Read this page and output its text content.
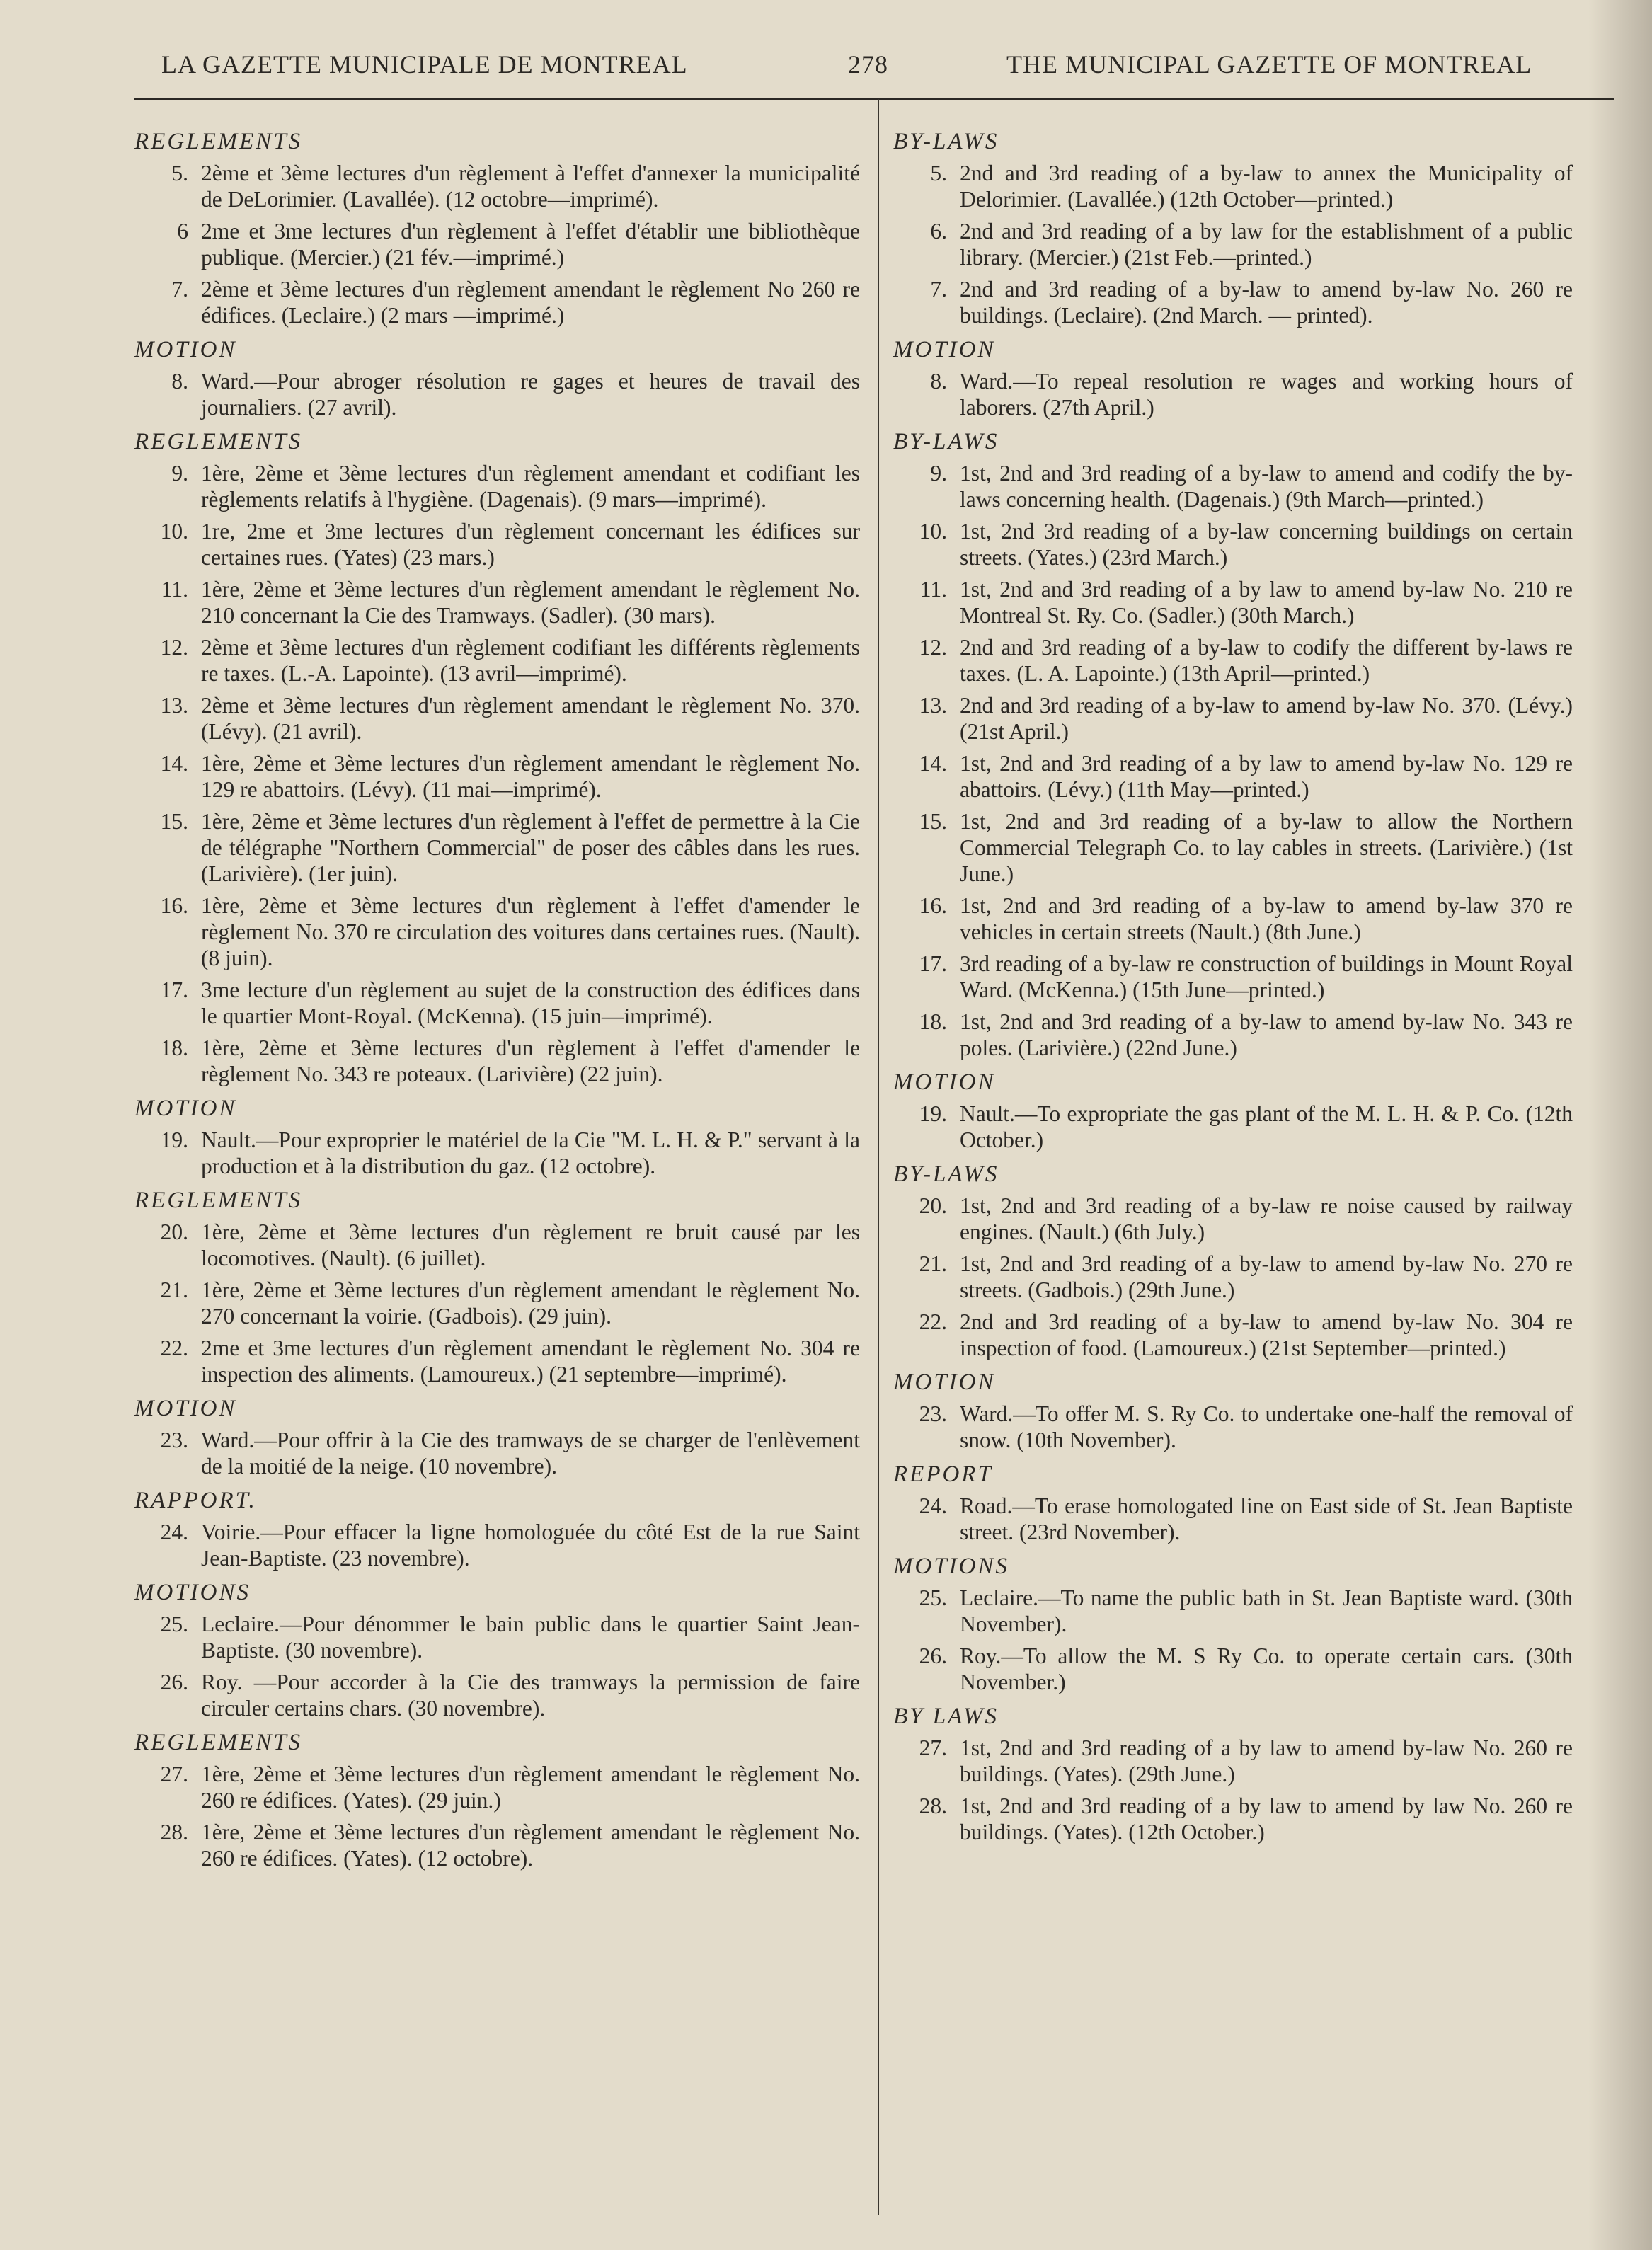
LA GAZETTE MUNICIPALE DE MONTREAL	278	THE MUNICIPAL GAZETTE OF MONTREAL
REGLEMENTS
5. 2ème et 3ème lectures d'un règlement à l'effet d'annexer la municipalité de DeLorimier. (Lavallée). (12 octobre—imprimé).
6 2me et 3me lectures d'un règlement à l'effet d'établir une bibliothèque publique. (Mercier.) (21 fév.—imprimé.)
7. 2ème et 3ème lectures d'un règlement amendant le règlement No 260 re édifices. (Leclaire.) (2 mars —imprimé.)
MOTION
8. Ward.—Pour abroger résolution re gages et heures de travail des journaliers. (27 avril).
REGLEMENTS
9. 1ère, 2ème et 3ème lectures d'un règlement amendant et codifiant les règlements relatifs à l'hygiène. (Dagenais). (9 mars—imprimé).
10. 1re, 2me et 3me lectures d'un règlement concernant les édifices sur certaines rues. (Yates) (23 mars.)
11. 1ère, 2ème et 3ème lectures d'un règlement amendant le règlement No. 210 concernant la Cie des Tramways. (Sadler). (30 mars).
12. 2ème et 3ème lectures d'un règlement codifiant les différents règlements re taxes. (L.-A. Lapointe). (13 avril—imprimé).
13. 2ème et 3ème lectures d'un règlement amendant le règlement No. 370. (Lévy). (21 avril).
14. 1ère, 2ème et 3ème lectures d'un règlement amendant le règlement No. 129 re abattoirs. (Lévy). (11 mai—imprimé).
15. 1ère, 2ème et 3ème lectures d'un règlement à l'effet de permettre à la Cie de télégraphe "Northern Commercial" de poser des câbles dans les rues. (Larivière). (1er juin).
16. 1ère, 2ème et 3ème lectures d'un règlement à l'effet d'amender le règlement No. 370 re circulation des voitures dans certaines rues. (Nault). (8 juin).
17. 3me lecture d'un règlement au sujet de la construction des édifices dans le quartier Mont-Royal. (McKenna). (15 juin—imprimé).
18. 1ère, 2ème et 3ème lectures d'un règlement à l'effet d'amender le règlement No. 343 re poteaux. (Larivière) (22 juin).
MOTION
19. Nault.—Pour exproprier le matériel de la Cie "M. L. H. & P." servant à la production et à la distribution du gaz. (12 octobre).
REGLEMENTS
20. 1ère, 2ème et 3ème lectures d'un règlement re bruit causé par les locomotives. (Nault). (6 juillet).
21. 1ère, 2ème et 3ème lectures d'un règlement amendant le règlement No. 270 concernant la voirie. (Gadbois). (29 juin).
22. 2me et 3me lectures d'un règlement amendant le règlement No. 304 re inspection des aliments. (Lamoureux.) (21 septembre—imprimé).
MOTION
23. Ward.—Pour offrir à la Cie des tramways de se charger de l'enlèvement de la moitié de la neige. (10 novembre).
RAPPORT.
24. Voirie.—Pour effacer la ligne homologuée du côté Est de la rue Saint Jean-Baptiste. (23 novembre).
MOTIONS
25. Leclaire.—Pour dénommer le bain public dans le quartier Saint Jean-Baptiste. (30 novembre).
26. Roy. —Pour accorder à la Cie des tramways la permission de faire circuler certains chars. (30 novembre).
REGLEMENTS
27. 1ère, 2ème et 3ème lectures d'un règlement amendant le règlement No. 260 re édifices. (Yates). (29 juin.)
28. 1ère, 2ème et 3ème lectures d'un règlement amendant le règlement No. 260 re édifices. (Yates). (12 octobre).
BY-LAWS
5. 2nd and 3rd reading of a by-law to annex the Municipality of Delorimier. (Lavallée.) (12th October—printed.)
6. 2nd and 3rd reading of a by law for the establishment of a public library. (Mercier.) (21st Feb.—printed.)
7. 2nd and 3rd reading of a by-law to amend by-law No. 260 re buildings. (Leclaire). (2nd March. — printed).
MOTION
8. Ward.—To repeal resolution re wages and working hours of laborers. (27th April.)
BY-LAWS
9. 1st, 2nd and 3rd reading of a by-law to amend and codify the by-laws concerning health. (Dagenais.) (9th March—printed.)
10. 1st, 2nd 3rd reading of a by-law concerning buildings on certain streets. (Yates.) (23rd March.)
11. 1st, 2nd and 3rd reading of a by law to amend by-law No. 210 re Montreal St. Ry. Co. (Sadler.) (30th March.)
12. 2nd and 3rd reading of a by-law to codify the different by-laws re taxes. (L. A. Lapointe.) (13th April—printed.)
13. 2nd and 3rd reading of a by-law to amend by-law No. 370. (Lévy.) (21st April.)
14. 1st, 2nd and 3rd reading of a by law to amend by-law No. 129 re abattoirs. (Lévy.) (11th May—printed.)
15. 1st, 2nd and 3rd reading of a by-law to allow the Northern Commercial Telegraph Co. to lay cables in streets. (Larivière.) (1st June.)
16. 1st, 2nd and 3rd reading of a by-law to amend by-law 370 re vehicles in certain streets (Nault.) (8th June.)
17. 3rd reading of a by-law re construction of buildings in Mount Royal Ward. (McKenna.) (15th June—printed.)
18. 1st, 2nd and 3rd reading of a by-law to amend by-law No. 343 re poles. (Larivière.) (22nd June.)
MOTION
19. Nault.—To expropriate the gas plant of the M. L. H. & P. Co. (12th October.)
BY-LAWS
20. 1st, 2nd and 3rd reading of a by-law re noise caused by railway engines. (Nault.) (6th July.)
21. 1st, 2nd and 3rd reading of a by-law to amend by-law No. 270 re streets. (Gadbois.) (29th June.)
22. 2nd and 3rd reading of a by-law to amend by-law No. 304 re inspection of food. (Lamoureux.) (21st September—printed.)
MOTION
23. Ward.—To offer M. S. Ry Co. to undertake one-half the removal of snow. (10th November).
REPORT
24. Road.—To erase homologated line on East side of St. Jean Baptiste street. (23rd November).
MOTIONS
25. Leclaire.—To name the public bath in St. Jean Baptiste ward. (30th November).
26. Roy.—To allow the M. S Ry Co. to operate certain cars. (30th November.)
BY LAWS
27. 1st, 2nd and 3rd reading of a by law to amend by-law No. 260 re buildings. (Yates). (29th June.)
28. 1st, 2nd and 3rd reading of a by law to amend by law No. 260 re buildings. (Yates). (12th October.)
